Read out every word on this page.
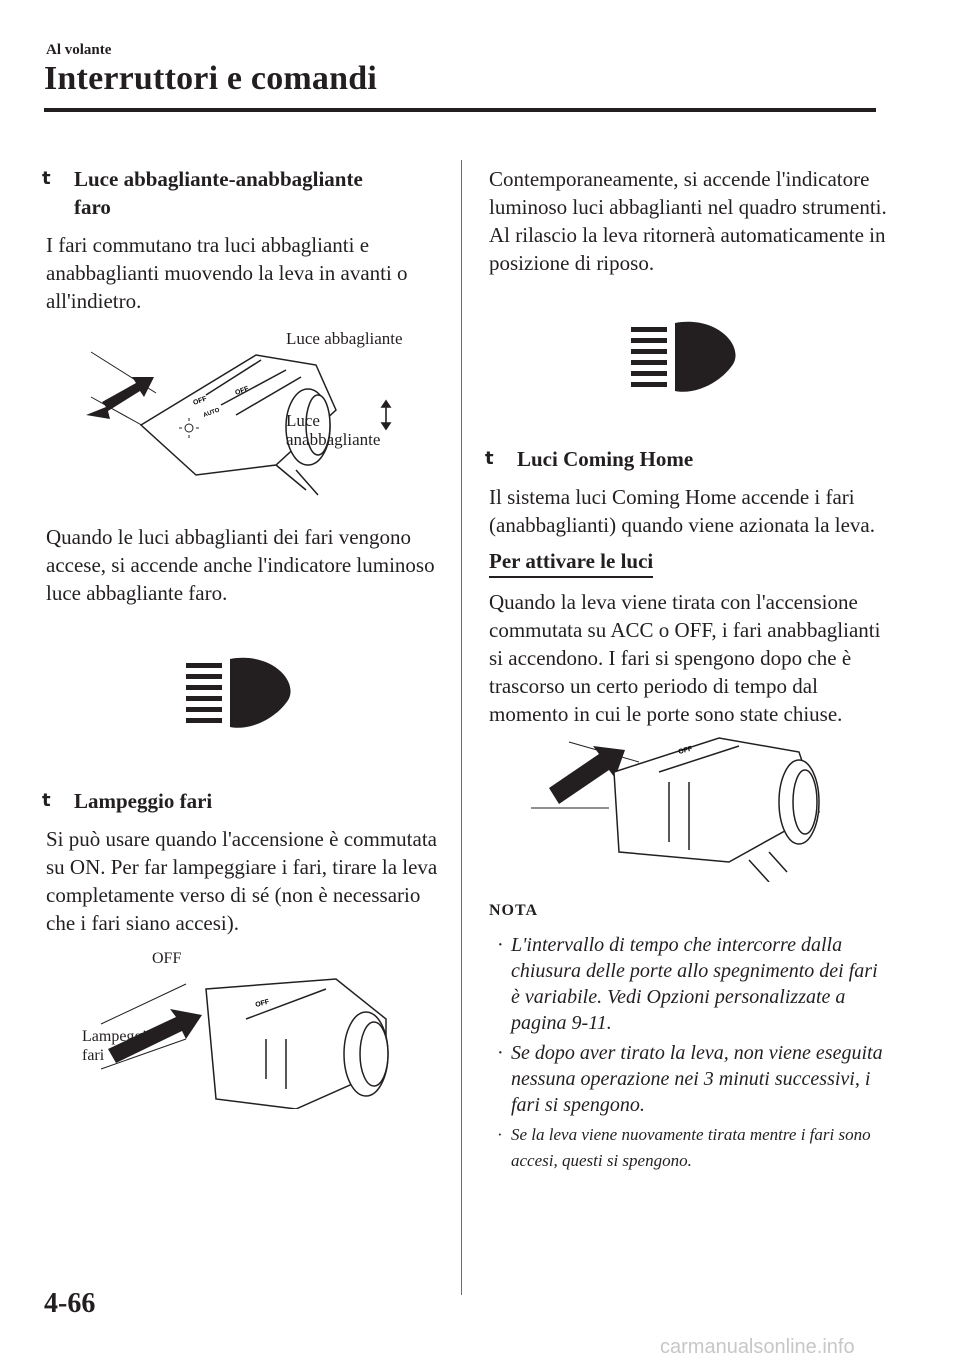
Al volante
Interruttori e comandi
t Luce abbagliante-anabbagliante
faro

I fari commutano tra luci abbaglianti e anabbaglianti muovendo la leva in avanti o all'indietro.

OFF
AUTO
OFF
Luce abbagliante
Luce anabbagliante

Quando le luci abbaglianti dei fari vengono accese, si accende anche l'indicatore luminoso luce abbagliante faro.

t Lampeggio fari

Si può usare quando l'accensione è commutata su ON. Per far lampeggiare i fari, tirare la leva completamente verso di sé (non è necessario che i fari siano accesi).

OFF
OFF
Lampeggio fari

Contemporaneamente, si accende l'indicatore luminoso luci abbaglianti nel quadro strumenti. Al rilascio la leva ritornerà automaticamente in posizione di riposo.

t Luci Coming Home

Il sistema luci Coming Home accende i fari (anabbaglianti) quando viene azionata la leva.

Per attivare le luci

Quando la leva viene tirata con l'accensione commutata su ACC o OFF, i fari anabbaglianti si accendono. I fari si spengono dopo che è trascorso un certo periodo di tempo dal momento in cui le porte sono state chiuse.

OFF
NOTA

· L'intervallo di tempo che intercorre dalla chiusura delle porte allo spegnimento dei fari è variabile. Vedi Opzioni personalizzate a pagina 9-11.

· Se dopo aver tirato la leva, non viene eseguita nessuna operazione nei 3 minuti successivi, i fari si spengono.

· Se la leva viene nuovamente tirata mentre i fari sono accesi, questi si spengono.

4-66
carmanualsonline.info
